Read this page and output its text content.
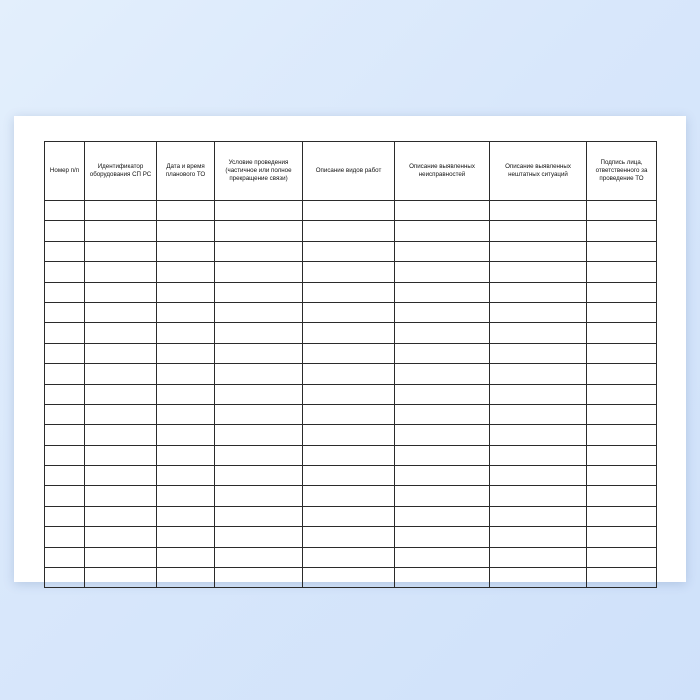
Номер п/п	Идентификатор оборудования СП РС	Дата и время планового ТО	Условие проведения (частичное или полное прекращение связи)	Описание видов работ	Описание выявленных неисправностей	Описание выявленных нештатных ситуаций	Подпись лица, ответственного за проведение ТО
